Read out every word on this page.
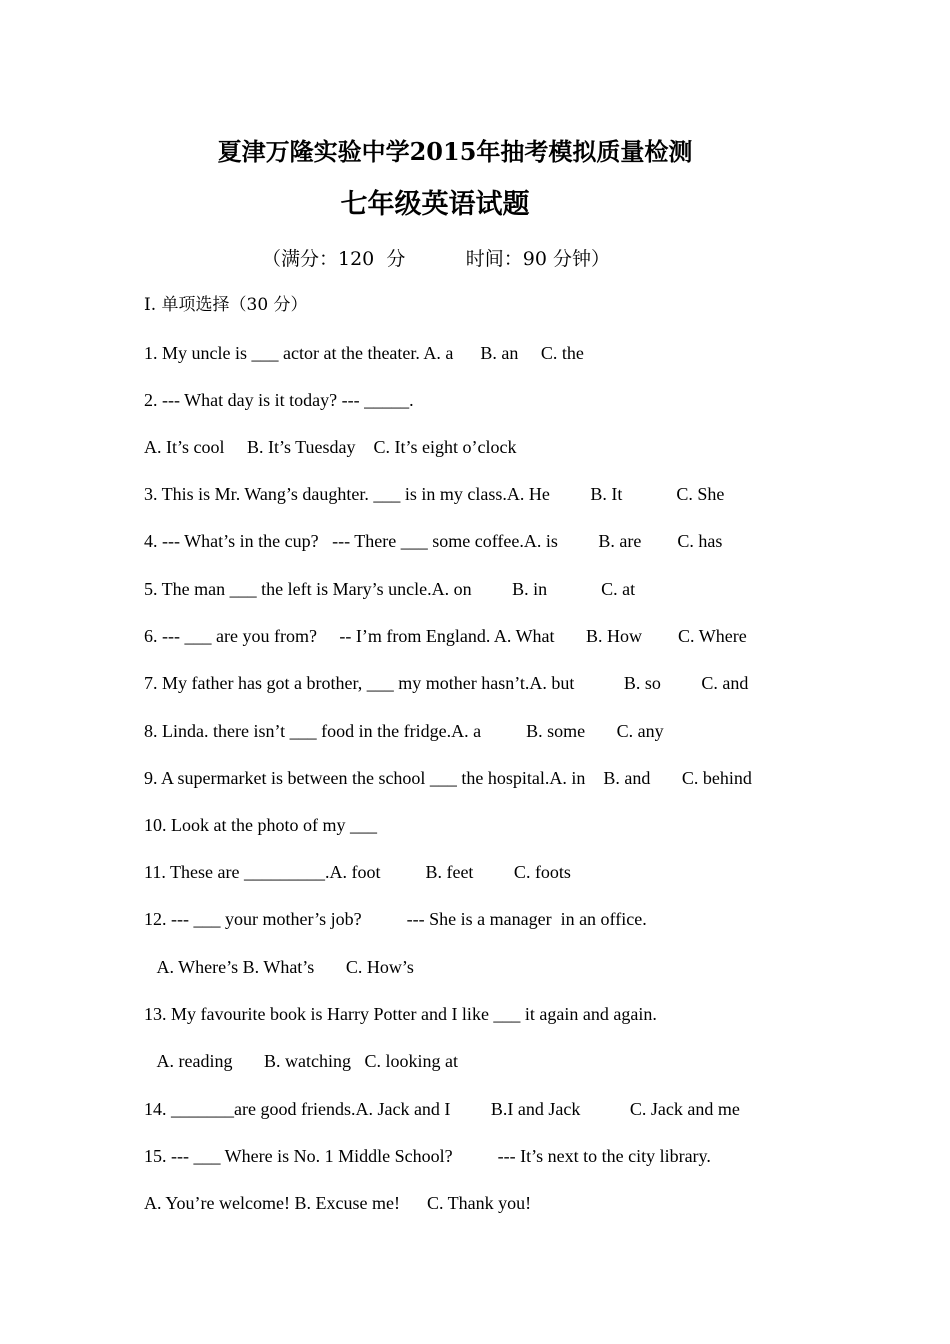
夏津万隆实验中学2015年抽考模拟质量检测
七年级英语试题
（满分：120  分          时间：90 分钟）
I. 单项选择（30 分）
1. My uncle is ___ actor at the theater. A. a      B. an     C. the
2. --- What day is it today? --- _____.
A. It’s cool     B. It’s Tuesday    C. It’s eight o’clock
3. This is Mr. Wang’s daughter. ___ is in my class.A. He         B. It            C. She
4. --- What’s in the cup?   --- There ___ some coffee.A. is         B. are        C. has
5. The man ___ the left is Mary’s uncle.A. on         B. in            C. at
6. --- ___ are you from?     -- I’m from England. A. What       B. How        C. Where
7. My father has got a brother, ___ my mother hasn’t.A. but           B. so         C. and
8. Linda. there isn’t ___ food in the fridge.A. a          B. some       C. any
9. A supermarket is between the school ___ the hospital.A. in    B. and       C. behind
10. Look at the photo of my ___
11. These are _________.A. foot          B. feet         C. foots
12. --- ___ your mother’s job?          --- She is a manager  in an office.
A. Where’s B. What’s       C. How’s
13. My favourite book is Harry Potter and I like ___ it again and again.
A. reading       B. watching   C. looking at
14. _______are good friends.A. Jack and I         B.I and Jack           C. Jack and me
15. --- ___ Where is No. 1 Middle School?          --- It’s next to the city library.
A. You’re welcome! B. Excuse me!      C. Thank you!
